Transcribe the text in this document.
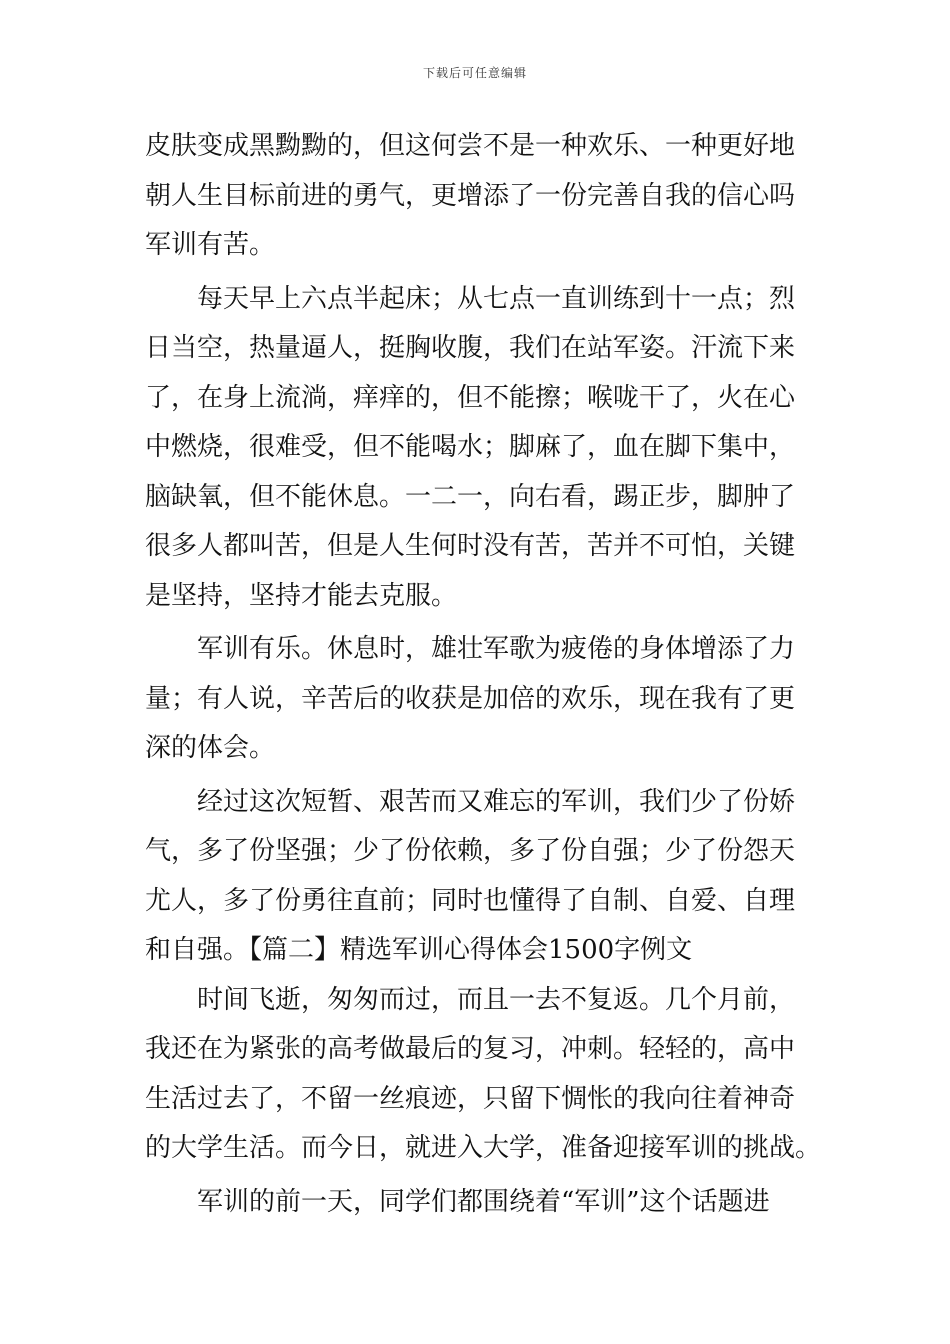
下载后可任意编辑
皮肤变成黑黝黝的，但这何尝不是一种欢乐、一种更好地
朝人生目标前进的勇气，更增添了一份完善自我的信心吗
军训有苦。
每天早上六点半起床；从七点一直训练到十一点；烈
日当空，热量逼人，挺胸收腹，我们在站军姿。汗流下来
了，在身上流淌，痒痒的，但不能擦；喉咙干了，火在心
中燃烧，很难受，但不能喝水；脚麻了，血在脚下集中，
脑缺氧，但不能休息。一二一，向右看，踢正步，脚肿了
很多人都叫苦，但是人生何时没有苦，苦并不可怕，关键
是坚持，坚持才能去克服。
军训有乐。休息时，雄壮军歌为疲倦的身体增添了力
量；有人说，辛苦后的收获是加倍的欢乐，现在我有了更
深的体会。
经过这次短暂、艰苦而又难忘的军训，我们少了份娇
气，多了份坚强；少了份依赖，多了份自强；少了份怨天
尤人，多了份勇往直前；同时也懂得了自制、自爱、自理
和自强。【篇二】精选军训心得体会1500字例文
时间飞逝，匆匆而过，而且一去不复返。几个月前，
我还在为紧张的高考做最后的复习，冲刺。轻轻的，高中
生活过去了，不留一丝痕迹，只留下惆怅的我向往着神奇
的大学生活。而今日，就进入大学，准备迎接军训的挑战。
军训的前一天，同学们都围绕着“军训”这个话题进
